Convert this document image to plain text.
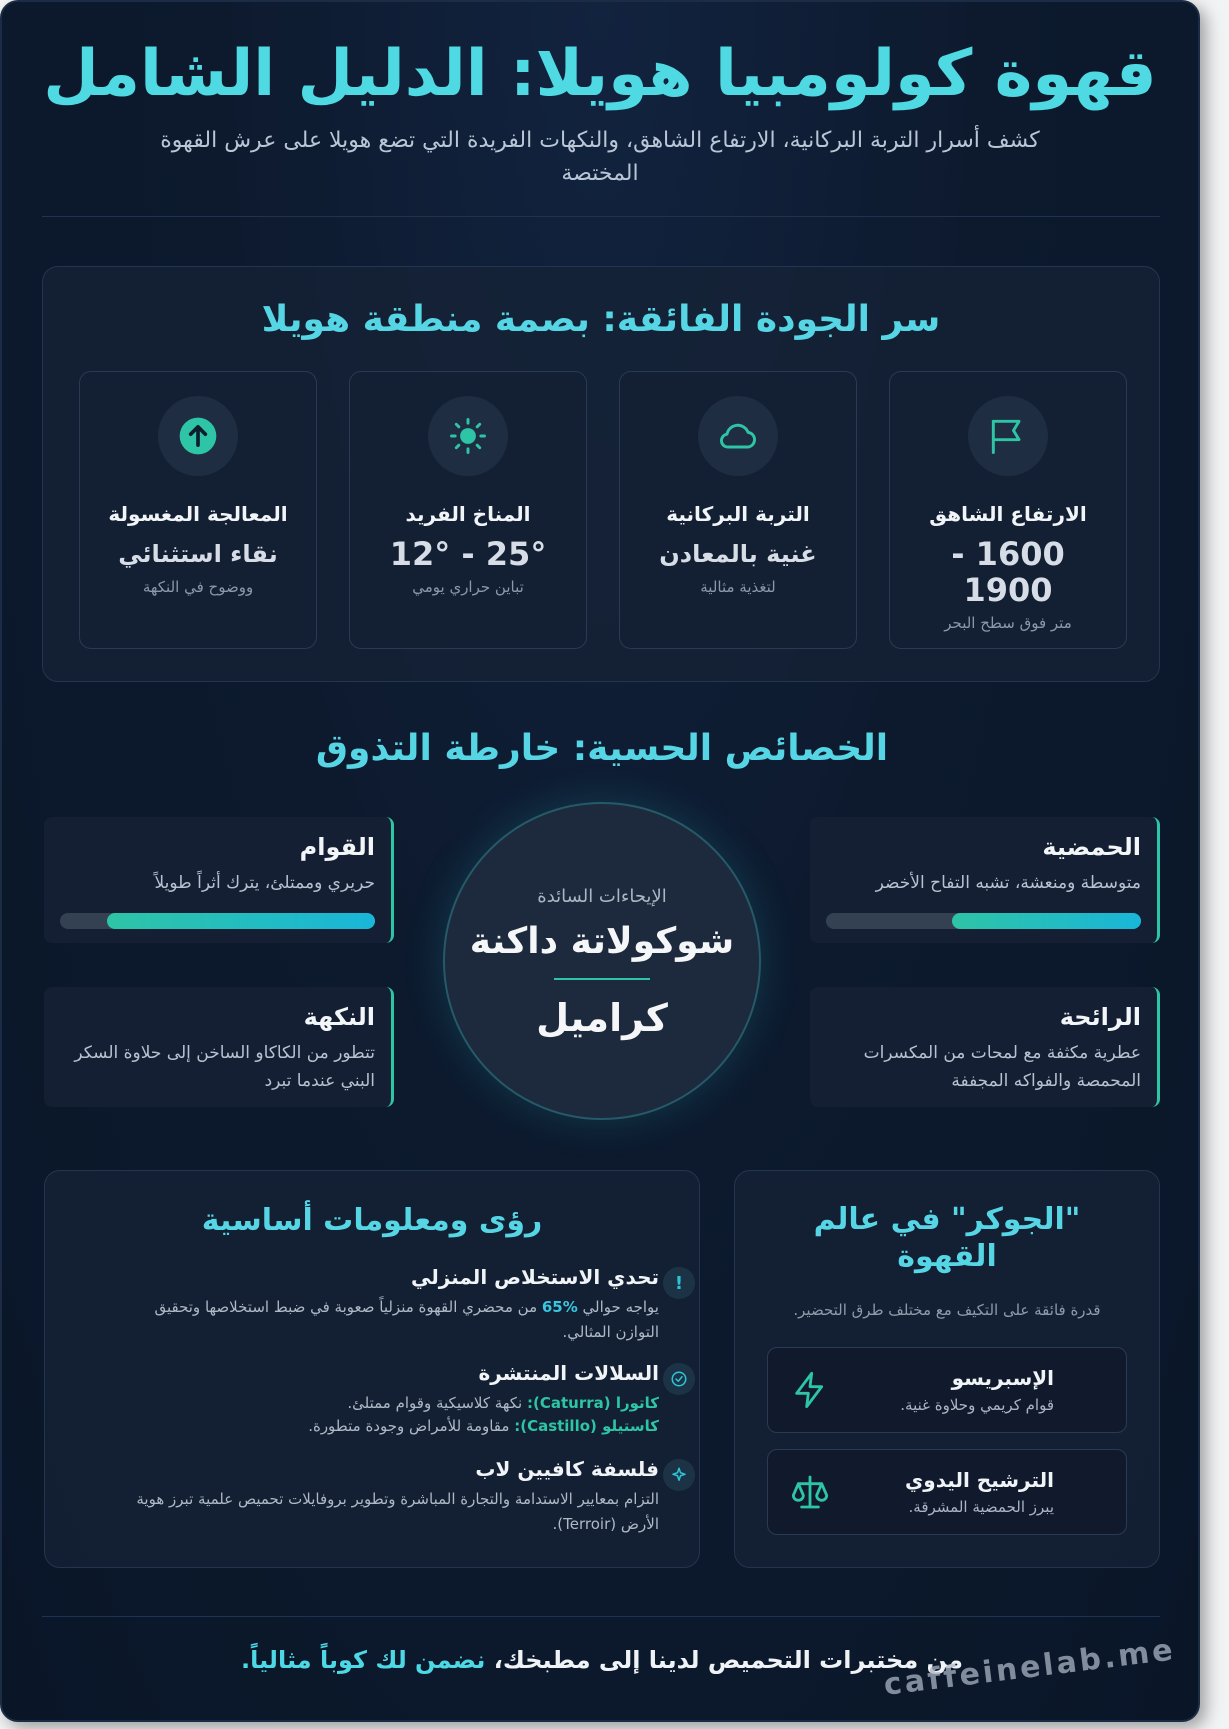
قهوة كولومبيا هويلا: الدليل الشامل

كشف أسرار التربة البركانية، الارتفاع الشاهق، والنكهات الفريدة التي تضع هويلا على عرش القهوة المختصة

سر الجودة الفائقة: بصمة منطقة هويلا
الارتفاع الشاهق
1600 - 1900
متر فوق سطح البحر
التربة البركانية
غنية بالمعادن
لتغذية مثالية
المناخ الفريد
12° - 25°
تباين حراري يومي
المعالجة المغسولة
نقاء استثنائي
ووضوح في النكهة
الخصائص الحسية: خارطة التذوق
الحمضية
متوسطة ومنعشة، تشبه التفاح الأخضر
القوام
حريري وممتلئ، يترك أثراً طويلاً
الرائحة
عطرية مكثفة مع لمحات من المكسرات المحمصة والفواكه المجففة
النكهة
تتطور من الكاكاو الساخن إلى حلاوة السكر البني عندما تبرد
الإيحاءات السائدة
شوكولاتة داكنة
كراميل
"الجوكر" في عالم القهوة

قدرة فائقة على التكيف مع مختلف طرق التحضير.

الإسبريسو
قوام كريمي وحلاوة غنية.
الترشيح اليدوي
يبرز الحمضية المشرقة.
رؤى ومعلومات أساسية
!
تحدي الاستخلاص المنزلي
يواجه حوالي 65% من محضري القهوة منزلياً صعوبة في ضبط استخلاصها وتحقيق التوازن المثالي.
السلالات المنتشرة
كاتورا (Caturra): نكهة كلاسيكية وقوام ممتلئ.
كاستيلو (Castillo): مقاومة للأمراض وجودة متطورة.
فلسفة كافيين لاب
التزام بمعايير الاستدامة والتجارة المباشرة وتطوير بروفايلات تحميص علمية تبرز هوية الأرض (Terroir).
من مختبرات التحميص لدينا إلى مطبخك، نضمن لك كوباً مثالياً.	caffeinelab.me
